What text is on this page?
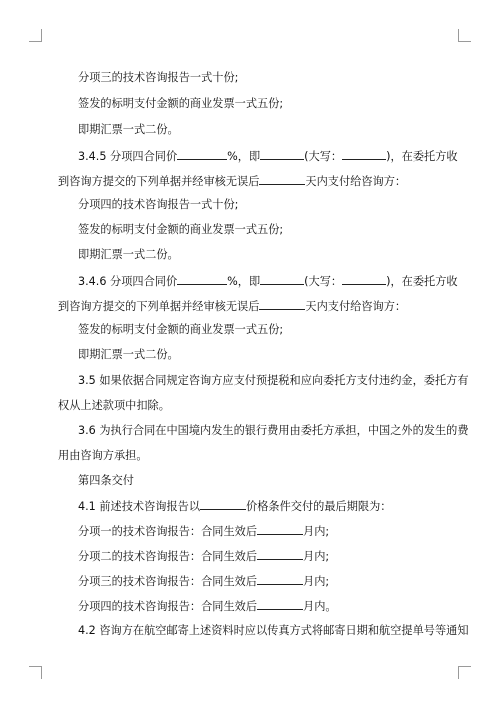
分项三的技术咨询报告一式十份;
签发的标明支付金额的商业发票一式五份;
即期汇票一式二份。
3.4.5 分项四合同价	%，即	(大写：	)，在委托方收
到咨询方提交的下列单据并经审核无误后	天内支付给咨询方：
分项四的技术咨询报告一式十份;
签发的标明支付金额的商业发票一式五份;
即期汇票一式二份。
3.4.6 分项四合同价	%，即	(大写：	)，在委托方收
到咨询方提交的下列单据并经审核无误后	天内支付给咨询方：
签发的标明支付金额的商业发票一式五份;
即期汇票一式二份。
3.5 如果依据合同规定咨询方应支付预提税和应向委托方支付违约金，委托方有
权从上述款项中扣除。
3.6 为执行合同在中国境内发生的银行费用由委托方承担，中国之外的发生的费
用由咨询方承担。
第四条交付
4.1 前述技术咨询报告以	价格条件交付的最后期限为：
分项一的技术咨询报告：合同生效后	月内;
分项二的技术咨询报告：合同生效后	月内;
分项三的技术咨询报告：合同生效后	月内;
分项四的技术咨询报告：合同生效后	月内。
4.2 咨询方在航空邮寄上述资料时应以传真方式将邮寄日期和航空提单号等通知
